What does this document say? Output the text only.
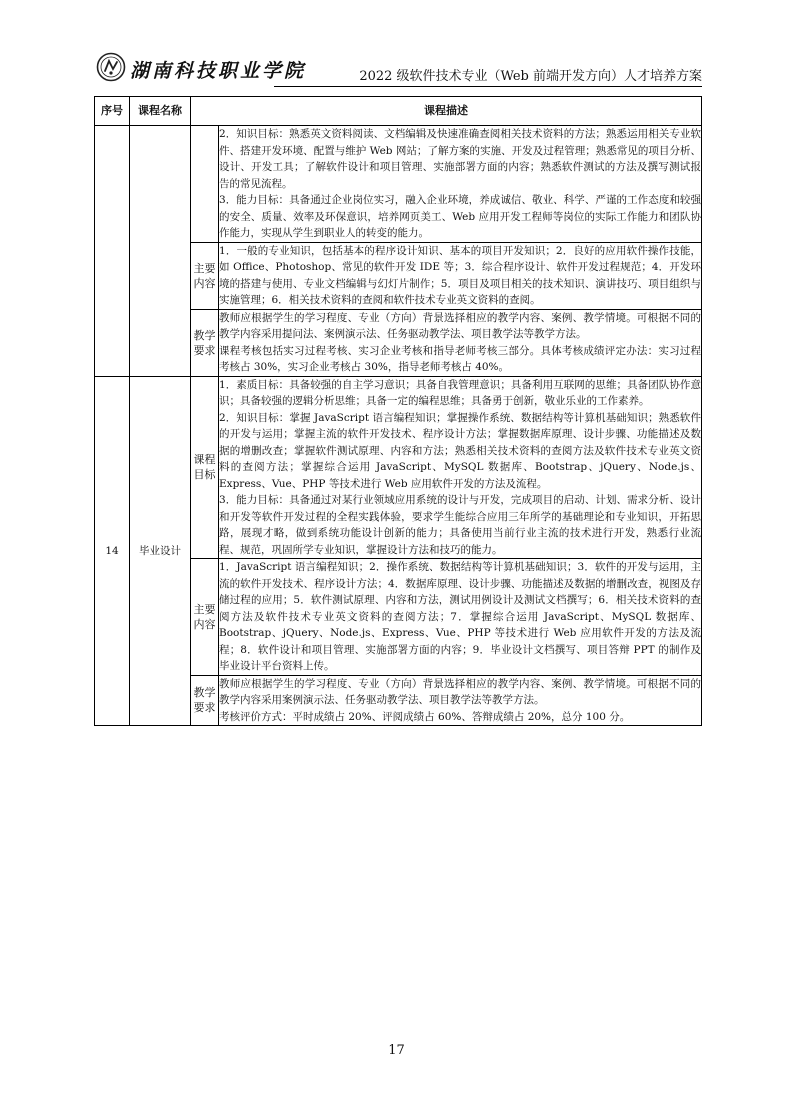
湖南科技职业学院	2022 级软件技术专业（Web 前端开发方向）人才培养方案
序号	课程名称	课程描述	

			2．知识目标：熟悉英文资料阅读、文档编辑及快速准确查阅相关技术资料的方法；熟悉运用相关专业软件、搭建开发环境、配置与维护 Web 网站；了解方案的实施、开发及过程管理；熟悉常见的项目分析、设计、开发工具；了解软件设计和项目管理、实施部署方面的内容；熟悉软件测试的方法及撰写测试报告的常见流程。

3．能力目标：具备通过企业岗位实习，融入企业环境，养成诚信、敬业、科学、严谨的工作态度和较强的安全、质量、效率及环保意识，培养网页美工、Web 应用开发工程师等岗位的实际工作能力和团队协作能力，实现从学生到职业人的转变的能力。

		主要内容	1．一般的专业知识，包括基本的程序设计知识、基本的项目开发知识；2．良好的应用软件操作技能，如 Office、Photoshop、常见的软件开发 IDE 等；3．综合程序设计、软件开发过程规范；4．开发环境的搭建与使用、专业文档编辑与幻灯片制作；5．项目及项目相关的技术知识、演讲技巧、项目组织与实施管理；6．相关技术资料的查阅和软件技术专业英文资料的查阅。

		教学要求	教师应根据学生的学习程度、专业（方向）背景选择相应的教学内容、案例、教学情境。可根据不同的教学内容采用提问法、案例演示法、任务驱动教学法、项目教学法等教学方法。

课程考核包括实习过程考核、实习企业考核和指导老师考核三部分。具体考核成绩评定办法：实习过程考核占 30%，实习企业考核占 30%，指导老师考核占 40%。

14	毕业设计	课程目标	1．素质目标：具备较强的自主学习意识；具备自我管理意识；具备利用互联网的思维；具备团队协作意识；具备较强的逻辑分析思维；具备一定的编程思维；具备勇于创新，敬业乐业的工作素养。

2．知识目标：掌握 JavaScript 语言编程知识；掌握操作系统、数据结构等计算机基础知识；熟悉软件的开发与运用；掌握主流的软件开发技术、程序设计方法；掌握数据库原理、设计步骤、功能描述及数据的增删改查；掌握软件测试原理、内容和方法；熟悉相关技术资料的查阅方法及软件技术专业英文资料的查阅方法；掌握综合运用 JavaScript、MySQL 数据库、Bootstrap、jQuery、Node.js、Express、Vue、PHP 等技术进行 Web 应用软件开发的方法及流程。

3．能力目标：具备通过对某行业领域应用系统的设计与开发，完成项目的启动、计划、需求分析、设计和开发等软件开发过程的全程实践体验，要求学生能综合应用三年所学的基础理论和专业知识，开拓思路，展现才略，做到系统功能设计创新的能力；具备使用当前行业主流的技术进行开发，熟悉行业流程、规范，巩固所学专业知识，掌握设计方法和技巧的能力。

		主要内容	1．JavaScript 语言编程知识；2．操作系统、数据结构等计算机基础知识；3．软件的开发与运用，主流的软件开发技术、程序设计方法；4．数据库原理、设计步骤、功能描述及数据的增删改查，视图及存储过程的应用；5．软件测试原理、内容和方法，测试用例设计及测试文档撰写；6．相关技术资料的查阅方法及软件技术专业英文资料的查阅方法；7．掌握综合运用 JavaScript、MySQL 数据库、Bootstrap、jQuery、Node.js、Express、Vue、PHP 等技术进行 Web 应用软件开发的方法及流程；8．软件设计和项目管理、实施部署方面的内容；9．毕业设计文档撰写、项目答辩 PPT 的制作及毕业设计平台资料上传。

		教学要求	教师应根据学生的学习程度、专业（方向）背景选择相应的教学内容、案例、教学情境。可根据不同的教学内容采用案例演示法、任务驱动教学法、项目教学法等教学方法。

考核评价方式：平时成绩占 20%、评阅成绩占 60%、答辩成绩占 20%，总分 100 分。

17
